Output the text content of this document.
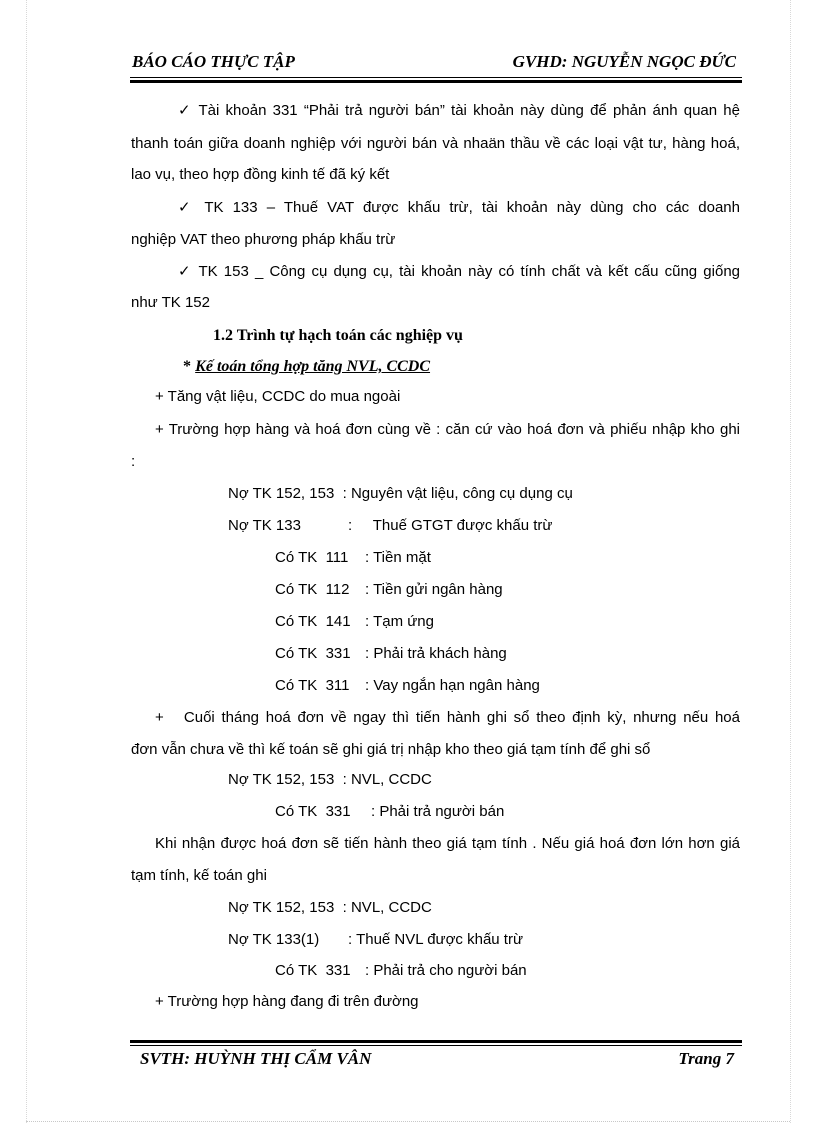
BÁO CÁO THỰC TẬP	GVHD: NGUYỄN NGỌC ĐỨC
✓ Tài khoản 331 “Phải trả người bán” tài khoản này dùng để phản ánh quan hệ
thanh toán giữa doanh nghiệp với người bán và nhaän thầu về các loại vật tư, hàng hoá,
lao vụ, theo hợp đồng kinh tế đã ký kết
✓ TK 133 – Thuế VAT được khấu trừ, tài khoản này dùng cho các doanh
nghiệp VAT theo phương pháp khấu trừ
✓ TK 153 _ Công cụ dụng cụ, tài khoản này có tính chất và kết cấu cũng giống
như TK 152
1.2 Trình tự hạch toán các nghiệp vụ
* Kế toán tổng hợp tăng NVL, CCDC
+ Tăng vật liệu, CCDC do mua ngoài
+ Trường hợp hàng và hoá đơn cùng về : căn cứ vào hoá đơn và phiếu nhập kho ghi
:
Nợ TK 152, 153 : Nguyên vật liệu, công cụ dụng cụ
Nợ TK 133	:     Thuế GTGT được khấu trừ
Có TK  111 : Tiền mặt
Có TK  112 : Tiền gửi ngân hàng
Có TK  141 : Tạm ứng
Có TK  331 : Phải trả khách hàng
Có TK  311 : Vay ngắn hạn ngân hàng
+   Cuối tháng hoá đơn về ngay thì tiến hành ghi sổ theo định kỳ, nhưng nếu hoá
đơn vẫn chưa về thì kế toán sẽ ghi giá trị nhập kho theo giá tạm tính để ghi sổ
Nợ TK 152, 153 : NVL, CCDC
Có TK  331 : Phải trả người bán
Khi nhận được hoá đơn sẽ tiến hành theo giá tạm tính . Nếu giá hoá đơn lớn hơn giá
tạm tính, kế toán ghi
Nợ TK 152, 153 : NVL, CCDC
Nợ TK 133(1) : Thuế NVL được khấu trừ
Có TK  331 : Phải trả cho người bán
+ Trường hợp hàng đang đi trên đường
SVTH: HUỲNH THỊ CẨM VÂN	Trang 7
